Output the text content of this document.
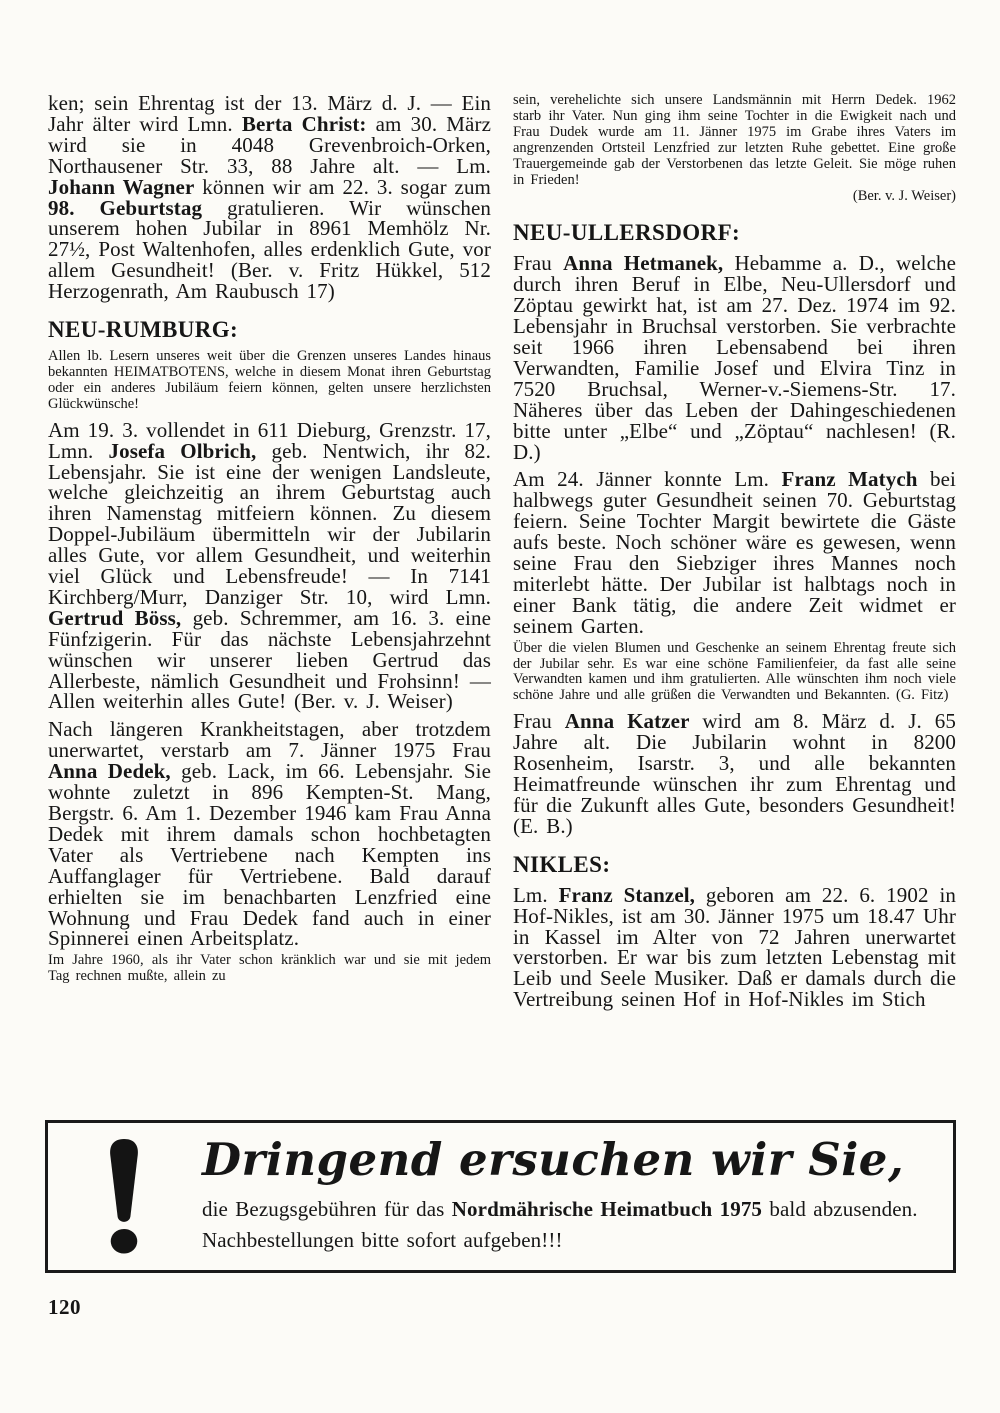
ken; sein Ehrentag ist der 13. März d. J. — Ein Jahr älter wird Lmn. Berta Christ: am 30. März wird sie in 4048 Grevenbroich-Orken, Northausener Str. 33, 88 Jahre alt. — Lm. Johann Wagner können wir am 22. 3. sogar zum 98. Geburtstag gratulieren. Wir wünschen unserem hohen Jubilar in 8961 Memhölz Nr. 27½, Post Waltenhofen, alles erdenklich Gute, vor allem Gesundheit! (Ber. v. Fritz Hükkel, 512 Herzogenrath, Am Raubusch 17)
NEU-RUMBURG:
Allen lb. Lesern unseres weit über die Grenzen unseres Landes hinaus bekannten HEIMATBOTENS, welche in diesem Monat ihren Geburtstag oder ein anderes Jubiläum feiern können, gelten unsere herzlichsten Glückwünsche!
Am 19. 3. vollendet in 611 Dieburg, Grenzstr. 17, Lmn. Josefa Olbrich, geb. Nentwich, ihr 82. Lebensjahr. Sie ist eine der wenigen Landsleute, welche gleichzeitig an ihrem Geburtstag auch ihren Namenstag mitfeiern können. Zu diesem Doppel-Jubiläum übermitteln wir der Jubilarin alles Gute, vor allem Gesundheit, und weiterhin viel Glück und Lebensfreude! — In 7141 Kirchberg/Murr, Danziger Str. 10, wird Lmn. Gertrud Böss, geb. Schremmer, am 16. 3. eine Fünfzigerin. Für das nächste Lebensjahrzehnt wünschen wir unserer lieben Gertrud das Allerbeste, nämlich Gesundheit und Frohsinn! — Allen weiterhin alles Gute! (Ber. v. J. Weiser)
Nach längeren Krankheitstagen, aber trotzdem unerwartet, verstarb am 7. Jänner 1975 Frau Anna Dedek, geb. Lack, im 66. Lebensjahr. Sie wohnte zuletzt in 896 Kempten-St. Mang, Bergstr. 6. Am 1. Dezember 1946 kam Frau Anna Dedek mit ihrem damals schon hochbetagten Vater als Vertriebene nach Kempten ins Auffanglager für Vertriebene. Bald darauf erhielten sie im benachbarten Lenzfried eine Wohnung und Frau Dedek fand auch in einer Spinnerei einen Arbeitsplatz.
Im Jahre 1960, als ihr Vater schon kränklich war und sie mit jedem Tag rechnen mußte, allein zu
sein, verehelichte sich unsere Landsmännin mit Herrn Dedek. 1962 starb ihr Vater. Nun ging ihm seine Tochter in die Ewigkeit nach und Frau Dudek wurde am 11. Jänner 1975 im Grabe ihres Vaters im angrenzenden Ortsteil Lenzfried zur letzten Ruhe gebettet. Eine große Trauergemeinde gab der Verstorbenen das letzte Geleit. Sie möge ruhen in Frieden!
(Ber. v. J. Weiser)
NEU-ULLERSDORF:
Frau Anna Hetmanek, Hebamme a. D., welche durch ihren Beruf in Elbe, Neu-Ullersdorf und Zöptau gewirkt hat, ist am 27. Dez. 1974 im 92. Lebensjahr in Bruchsal verstorben. Sie verbrachte seit 1966 ihren Lebensabend bei ihren Verwandten, Familie Josef und Elvira Tinz in 7520 Bruchsal, Werner-v.-Siemens-Str. 17. Näheres über das Leben der Dahingeschiedenen bitte unter „Elbe“ und „Zöptau“ nachlesen! (R. D.)
Am 24. Jänner konnte Lm. Franz Matych bei halbwegs guter Gesundheit seinen 70. Geburtstag feiern. Seine Tochter Margit bewirtete die Gäste aufs beste. Noch schöner wäre es gewesen, wenn seine Frau den Siebziger ihres Mannes noch miterlebt hätte. Der Jubilar ist halbtags noch in einer Bank tätig, die andere Zeit widmet er seinem Garten.
Über die vielen Blumen und Geschenke an seinem Ehrentag freute sich der Jubilar sehr. Es war eine schöne Familienfeier, da fast alle seine Verwandten kamen und ihm gratulierten. Alle wünschten ihm noch viele schöne Jahre und alle grüßen die Verwandten und Bekannten. (G. Fitz)
Frau Anna Katzer wird am 8. März d. J. 65 Jahre alt. Die Jubilarin wohnt in 8200 Rosenheim, Isarstr. 3, und alle bekannten Heimatfreunde wünschen ihr zum Ehrentag und für die Zukunft alles Gute, besonders Gesundheit! (E. B.)
NIKLES:
Lm. Franz Stanzel, geboren am 22. 6. 1902 in Hof-Nikles, ist am 30. Jänner 1975 um 18.47 Uhr in Kassel im Alter von 72 Jahren unerwartet verstorben. Er war bis zum letzten Lebenstag mit Leib und Seele Musiker. Daß er damals durch die Vertreibung seinen Hof in Hof-Nikles im Stich
Dringend ersuchen wir Sie,
die Bezugsgebühren für das Nordmährische Heimatbuch 1975 bald abzusenden. Nachbestellungen bitte sofort aufgeben!!!
120
